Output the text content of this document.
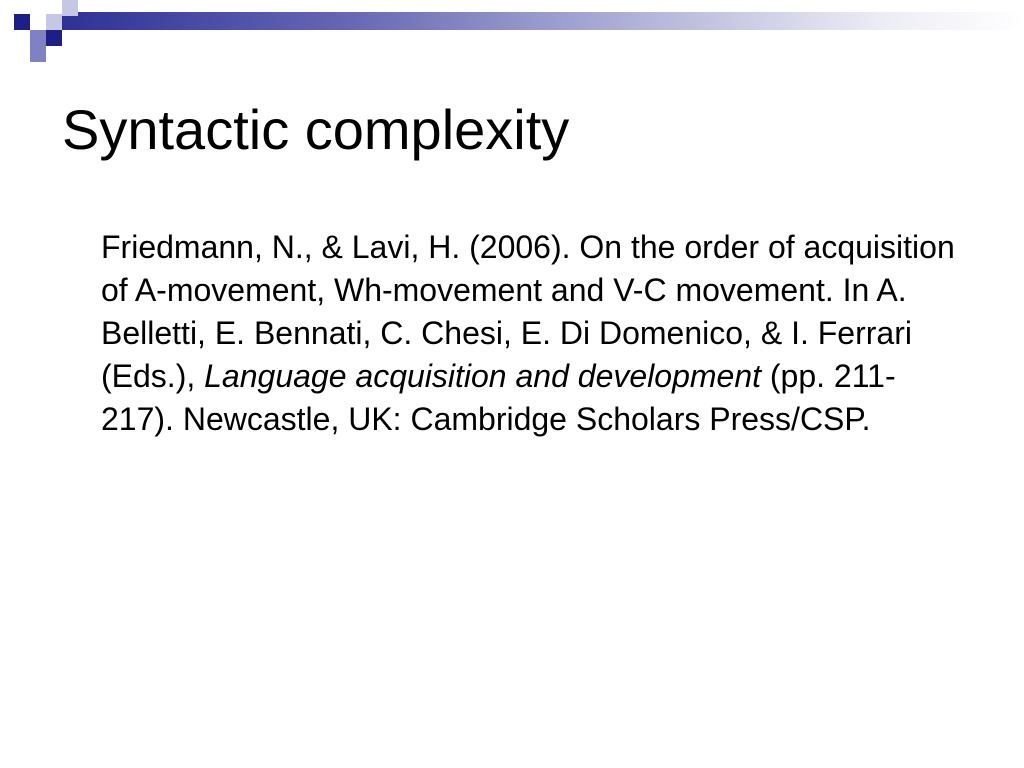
Syntactic complexity

Friedmann, N., & Lavi, H. (2006). On the order of acquisition of A-movement, Wh-movement and V-C movement. In A. Belletti, E. Bennati, C. Chesi, E. Di Domenico, & I. Ferrari (Eds.), Language acquisition and development (pp. 211-217). Newcastle, UK: Cambridge Scholars Press/CSP.
